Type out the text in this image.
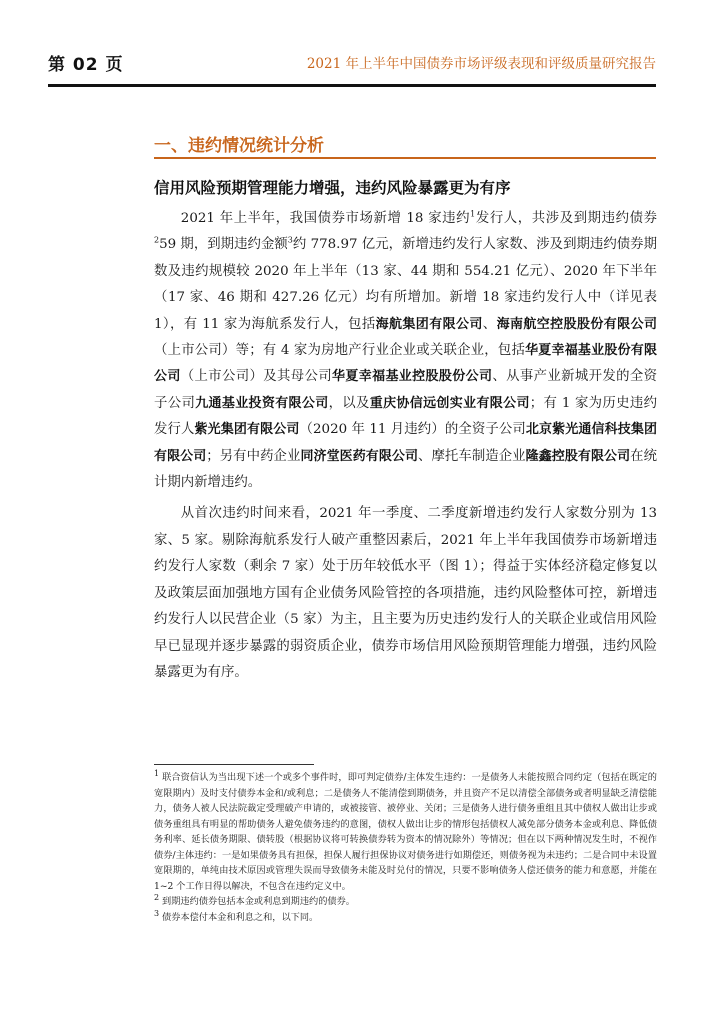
第 02 页	2021 年上半年中国债券市场评级表现和评级质量研究报告
一、违约情况统计分析
信用风险预期管理能力增强，违约风险暴露更为有序

2021 年上半年，我国债券市场新增 18 家违约$^1$发行人，共涉及到期违约债券$^2$59 期，到期违约金额$^3$约 778.97 亿元，新增违约发行人家数、涉及到期违约债券期数及违约规模较 2020 年上半年（13 家、44 期和 554.21 亿元）、2020 年下半年（17 家、46 期和 427.26 亿元）均有所增加。新增 18 家违约发行人中（详见表 1），有 11 家为海航系发行人，包括海航集团有限公司、海南航空控股股份有限公司（上市公司）等；有 4 家为房地产行业企业或关联企业，包括华夏幸福基业股份有限公司（上市公司）及其母公司华夏幸福基业控股股份公司、从事产业新城开发的全资子公司九通基业投资有限公司，以及重庆协信远创实业有限公司；有 1 家为历史违约发行人紫光集团有限公司（2020 年 11 月违约）的全资子公司北京紫光通信科技集团有限公司；另有中药企业同济堂医药有限公司、摩托车制造企业隆鑫控股有限公司在统计期内新增违约。

从首次违约时间来看，2021 年一季度、二季度新增违约发行人家数分别为 13 家、5 家。剔除海航系发行人破产重整因素后，2021 年上半年我国债券市场新增违约发行人家数（剩余 7 家）处于历年较低水平（图 1）；得益于实体经济稳定修复以及政策层面加强地方国有企业债务风险管控的各项措施，违约风险整体可控，新增违约发行人以民营企业（5 家）为主，且主要为历史违约发行人的关联企业或信用风险早已显现并逐步暴露的弱资质企业，债券市场信用风险预期管理能力增强，违约风险暴露更为有序。

$^1$ 联合资信认为当出现下述一个或多个事件时，即可判定债券/主体发生违约：一是债务人未能按照合同约定（包括在既定的宽限期内）及时支付债券本金和/或利息；二是债务人不能清偿到期债务，并且资产不足以清偿全部债务或者明显缺乏清偿能力，债务人被人民法院裁定受理破产申请的，或被接管、被停业、关闭；三是债务人进行债务重组且其中债权人做出让步或债务重组具有明显的帮助债务人避免债务违约的意图，债权人做出让步的情形包括债权人减免部分债务本金或利息、降低债务利率、延长债务期限、债转股（根据协议将可转换债券转为资本的情况除外）等情况；但在以下两种情况发生时，不视作债券/主体违约：一是如果债务具有担保，担保人履行担保协议对债务进行如期偿还，则债务视为未违约；二是合同中未设置宽限期的，单纯由技术原因或管理失误而导致债务未能及时兑付的情况，只要不影响债务人偿还债务的能力和意愿，并能在 1~2 个工作日得以解决，不包含在违约定义中。

$^2$ 到期违约债券包括本金或利息到期违约的债券。

$^3$ 债券本偿付本金和利息之和，以下同。
